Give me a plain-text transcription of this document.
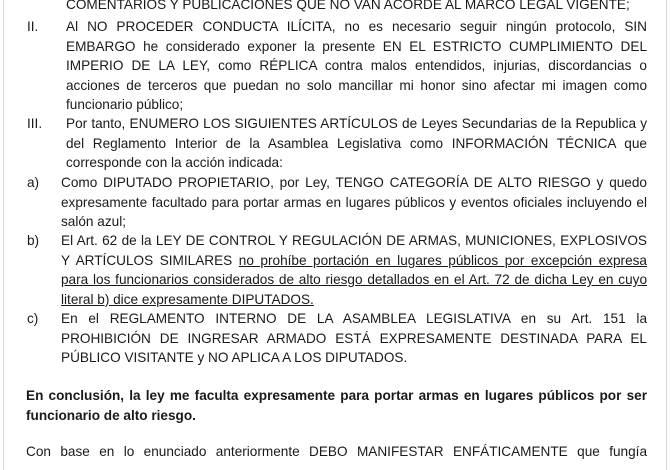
COMENTARIOS Y PUBLICACIONES QUE NO VAN ACORDE AL MARCO LEGAL VIGENTE;

II. Al NO PROCEDER CONDUCTA ILÍCITA, no es necesario seguir ningún protocolo, SIN EMBARGO he considerado exponer la presente EN EL ESTRICTO CUMPLIMIENTO DEL IMPERIO DE LA LEY, como RÉPLICA contra malos entendidos, injurias, discordancias o acciones de terceros que puedan no solo mancillar mi honor sino afectar mi imagen como funcionario público;

III. Por tanto, ENUMERO LOS SIGUIENTES ARTÍCULOS de Leyes Secundarias de la Republica y del Reglamento Interior de la Asamblea Legislativa como INFORMACIÓN TÉCNICA que corresponde con la acción indicada:

a) Como DIPUTADO PROPIETARIO, por Ley, TENGO CATEGORÍA DE ALTO RIESGO y quedo expresamente facultado para portar armas en lugares públicos y eventos oficiales incluyendo el salón azul;

b) El Art. 62 de la LEY DE CONTROL Y REGULACIÓN DE ARMAS, MUNICIONES, EXPLOSIVOS Y ARTÍCULOS SIMILARES no prohíbe portación en lugares públicos por excepción expresa para los funcionarios considerados de alto riesgo detallados en el Art. 72 de dicha Ley en cuyo literal b) dice expresamente DIPUTADOS.

c) En el REGLAMENTO INTERNO DE LA ASAMBLEA LEGISLATIVA en su Art. 151 la PROHIBICIÓN DE INGRESAR ARMADO ESTÁ EXPRESAMENTE DESTINADA PARA EL PÚBLICO VISITANTE y NO APLICA A LOS DIPUTADOS.

En conclusión, la ley me faculta expresamente para portar armas en lugares públicos por ser funcionario de alto riesgo.

Con base en lo enunciado anteriormente DEBO MANIFESTAR ENFÁTICAMENTE que fungía
